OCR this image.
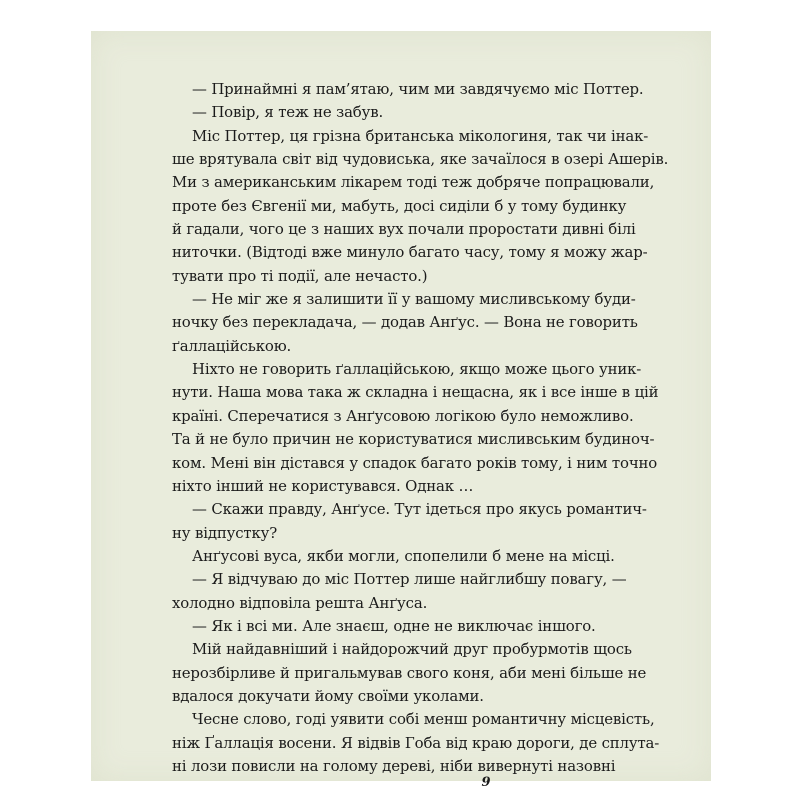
9
— Принаймні я пам’ятаю, чим ми завдячуємо міс Поттер.
— Повір, я теж не забув.
Міс Поттер, ця грізна британська мікологиня, так чи інак-
ше врятувала світ від чудовиська, яке зачаїлося в озері Ашерів.
Ми з американським лікарем тоді теж добряче попрацювали,
проте без Євгенії ми, мабуть, досі сиділи б у тому будинку
й гадали, чого це з наших вух почали проростати дивні білі
ниточки. (Відтоді вже минуло багато часу, тому я можу жар-
тувати про ті події, але нечасто.)
— Не міг же я залишити її у вашому мисливському буди-
ночку без перекладача, — додав Анґус. — Вона не говорить
ґаллаційською.
Ніхто не говорить ґаллаційською, якщо може цього уник-
нути. Наша мова така ж складна і нещасна, як і все інше в цій
країні. Сперечатися з Анґусовою логікою було неможливо.
Та й не було причин не користуватися мисливським будинoч-
ком. Мені він дістався у спадок багато років тому, і ним точно
ніхто інший не користувався. Однак …
— Скажи правду, Анґусе. Тут ідеться про якусь романтич-
ну відпустку?
Анґусові вуса, якби могли, спопелили б мене на місці.
— Я відчуваю до міс Поттер лише найглибшу повагу, —
холодно відповіла решта Анґуса.
— Як і всі ми. Але знаєш, одне не виключає іншого.
Мій найдавніший і найдорожчий друг пробурмотів щось
нерозбірливе й пригальмував свого коня, аби мені більше не
вдалося докучати йому своїми уколами.
Чесне слово, годі уявити собі менш романтичну місцевість,
ніж Ґаллація восени. Я відвів Гоба від краю дороги, де сплута-
ні лози повисли на голому дереві, ніби вивернуті назовні
